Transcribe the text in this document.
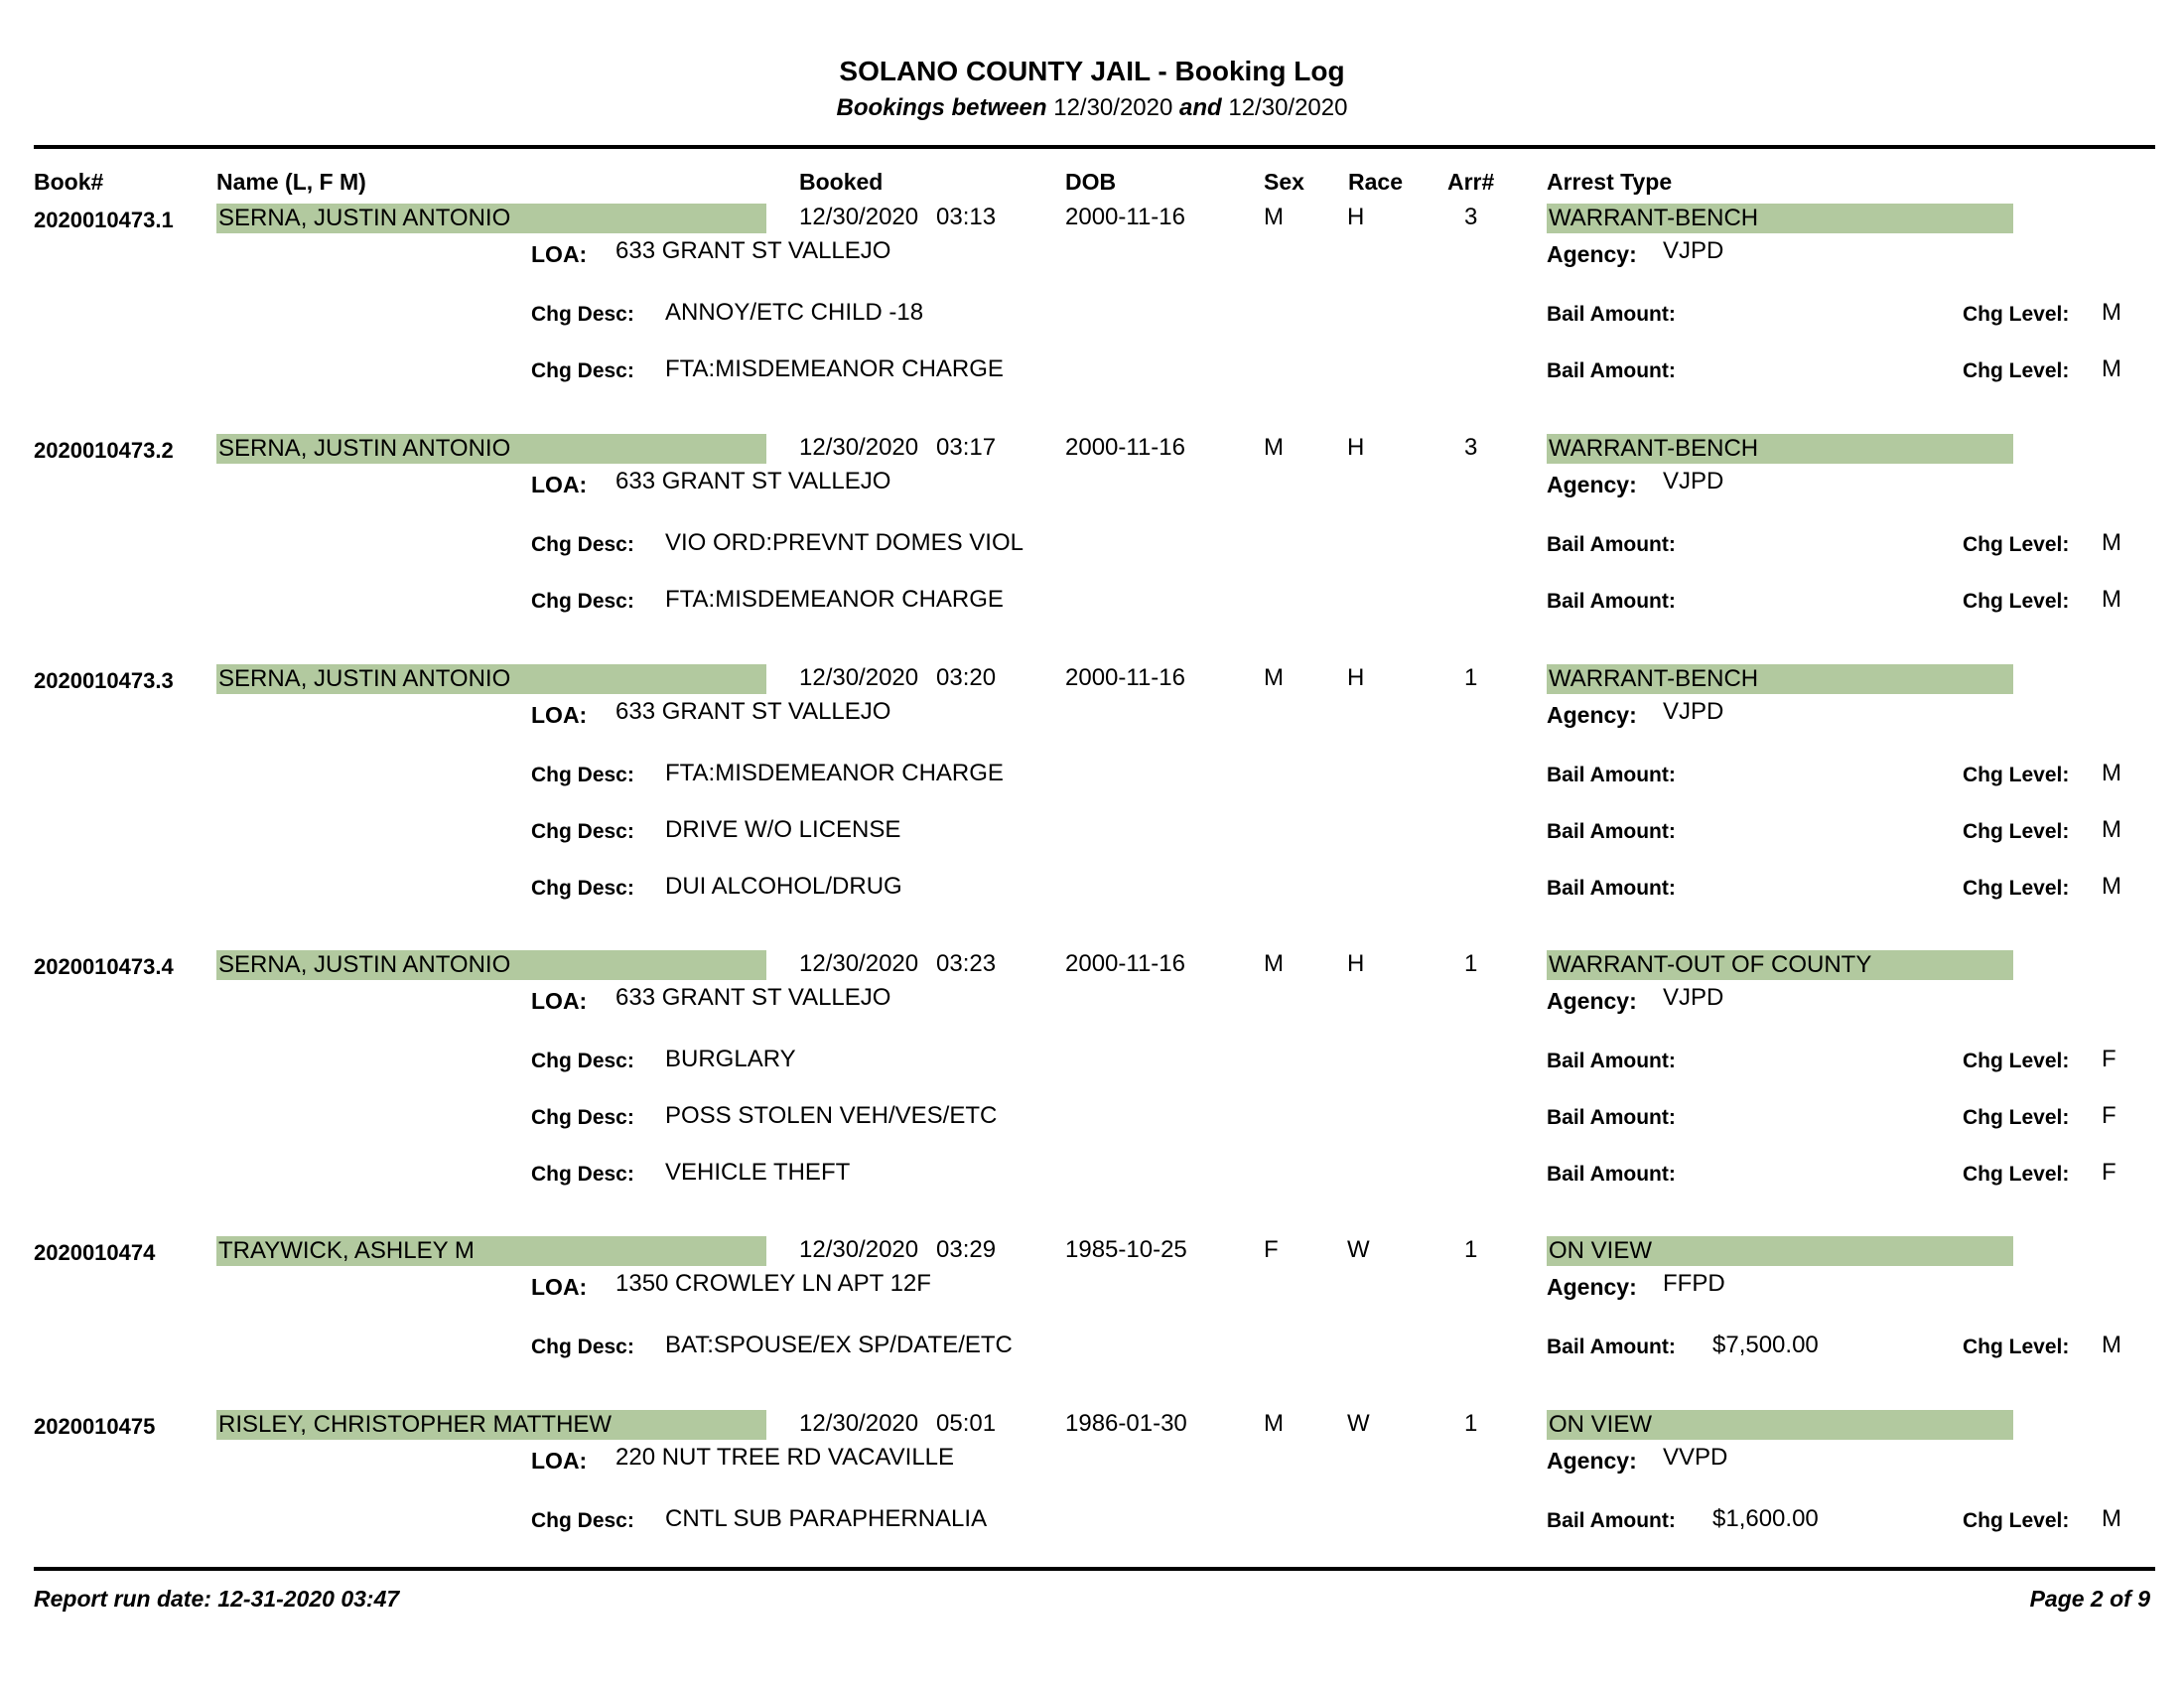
SOLANO COUNTY JAIL - Booking Log
Bookings between 12/30/2020 and 12/30/2020
Book#	Name (L, F M)	Booked	DOB	Sex Race Arr# Arrest Type
2020010473.1 SERNA, JUSTIN ANTONIO	12/30/2020 03:13	2000-11-16	M	H	3	WARRANT-BENCH
LOA: 633 GRANT ST VALLEJO	Agency: VJPD
Chg Desc: ANNOY/ETC CHILD -18	Bail Amount:	Chg Level: M
Chg Desc: FTA:MISDEMEANOR CHARGE	Bail Amount:	Chg Level: M
2020010473.2 SERNA, JUSTIN ANTONIO	12/30/2020 03:17	2000-11-16	M	H	3	WARRANT-BENCH
LOA: 633 GRANT ST VALLEJO	Agency: VJPD
Chg Desc: VIO ORD:PREVNT DOMES VIOL	Bail Amount:	Chg Level: M
Chg Desc: FTA:MISDEMEANOR CHARGE	Bail Amount:	Chg Level: M
2020010473.3 SERNA, JUSTIN ANTONIO	12/30/2020 03:20	2000-11-16	M	H	1	WARRANT-BENCH
LOA: 633 GRANT ST VALLEJO	Agency: VJPD
Chg Desc: FTA:MISDEMEANOR CHARGE	Bail Amount:	Chg Level: M
Chg Desc: DRIVE W/O LICENSE	Bail Amount:	Chg Level: M
Chg Desc: DUI ALCOHOL/DRUG	Bail Amount:	Chg Level: M
2020010473.4 SERNA, JUSTIN ANTONIO	12/30/2020 03:23	2000-11-16	M	H	1	WARRANT-OUT OF COUNTY
LOA: 633 GRANT ST VALLEJO	Agency: VJPD
Chg Desc: BURGLARY	Bail Amount:	Chg Level: F
Chg Desc: POSS STOLEN VEH/VES/ETC	Bail Amount:	Chg Level: F
Chg Desc: VEHICLE THEFT	Bail Amount:	Chg Level: F
2020010474	TRAYWICK, ASHLEY M	12/30/2020 03:29	1985-10-25	F	W	1	ON VIEW
LOA: 1350 CROWLEY LN APT 12F	Agency: FFPD
Chg Desc: BAT:SPOUSE/EX SP/DATE/ETC	Bail Amount: $7,500.00	Chg Level: M
2020010475	RISLEY, CHRISTOPHER MATTHEW	12/30/2020 05:01	1986-01-30	M	W	1	ON VIEW
LOA: 220 NUT TREE RD VACAVILLE	Agency: VVPD
Chg Desc: CNTL SUB PARAPHERNALIA	Bail Amount: $1,600.00	Chg Level: M
Report run date: 12-31-2020 03:47	Page 2 of 9
